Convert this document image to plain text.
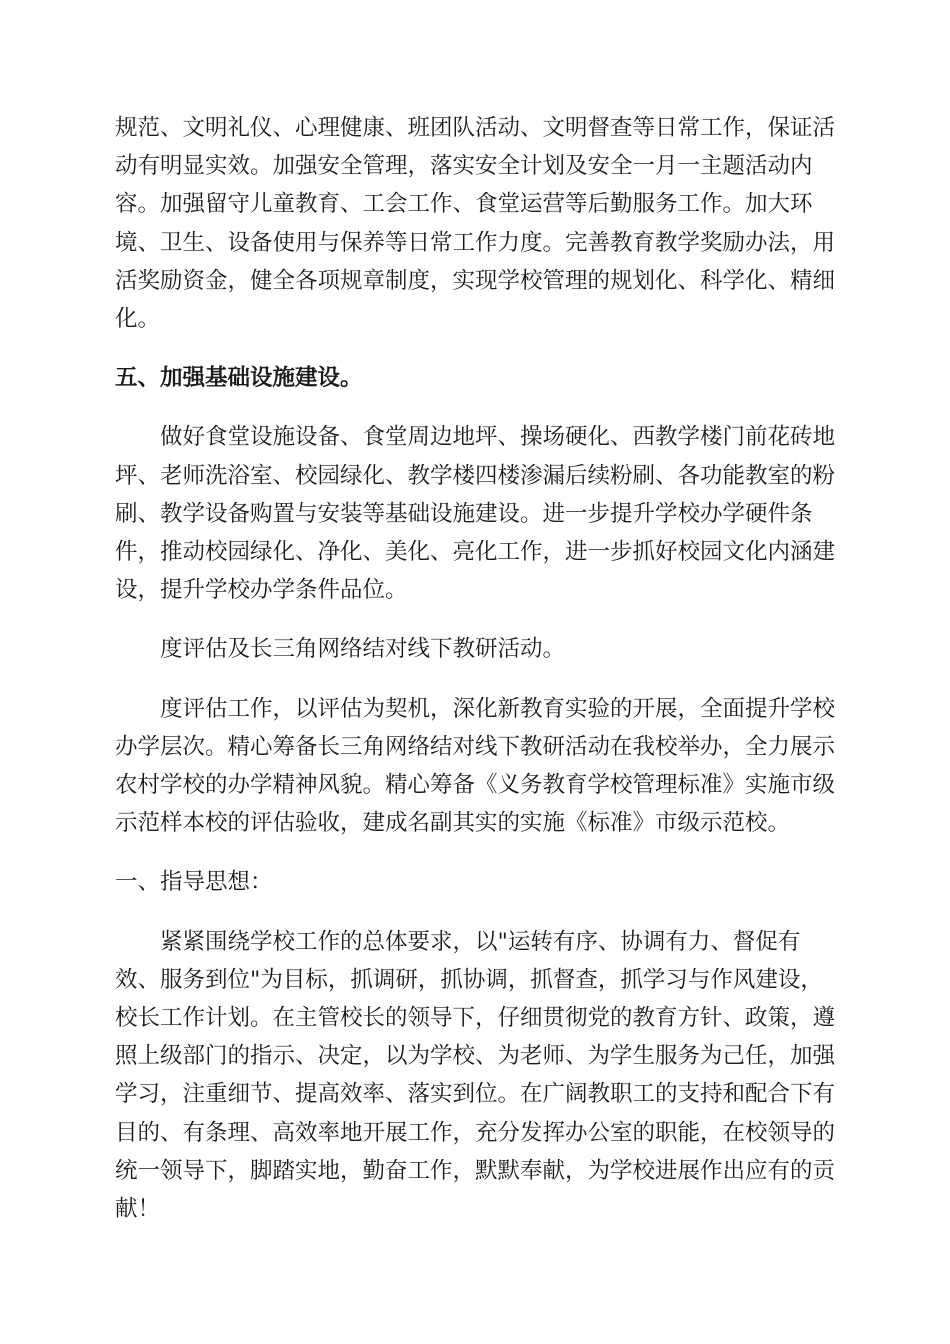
规范、文明礼仪、心理健康、班团队活动、文明督查等日常工作，保证活
动有明显实效。加强安全管理，落实安全计划及安全一月一主题活动内
容。加强留守儿童教育、工会工作、食堂运营等后勤服务工作。加大环
境、卫生、设备使用与保养等日常工作力度。完善教育教学奖励办法，用
活奖励资金，健全各项规章制度，实现学校管理的规划化、科学化、精细
化。
五、加强基础设施建设。
做好食堂设施设备、食堂周边地坪、操场硬化、西教学楼门前花砖地
坪、老师洗浴室、校园绿化、教学楼四楼渗漏后续粉刷、各功能教室的粉
刷、教学设备购置与安装等基础设施建设。进一步提升学校办学硬件条
件，推动校园绿化、净化、美化、亮化工作，进一步抓好校园文化内涵建
设，提升学校办学条件品位。
度评估及长三角网络结对线下教研活动。
度评估工作，以评估为契机，深化新教育实验的开展，全面提升学校
办学层次。精心筹备长三角网络结对线下教研活动在我校举办，全力展示
农村学校的办学精神风貌。精心筹备《义务教育学校管理标准》实施市级
示范样本校的评估验收，建成名副其实的实施《标准》市级示范校。
一、指导思想：
紧紧围绕学校工作的总体要求，以"运转有序、协调有力、督促有
效、服务到位"为目标，抓调研，抓协调，抓督查，抓学习与作风建设，
校长工作计划。在主管校长的领导下，仔细贯彻党的教育方针、政策，遵
照上级部门的指示、决定，以为学校、为老师、为学生服务为己任，加强
学习，注重细节、提高效率、落实到位。在广阔教职工的支持和配合下有
目的、有条理、高效率地开展工作，充分发挥办公室的职能，在校领导的
统一领导下，脚踏实地，勤奋工作，默默奉献，为学校进展作出应有的贡
献！
